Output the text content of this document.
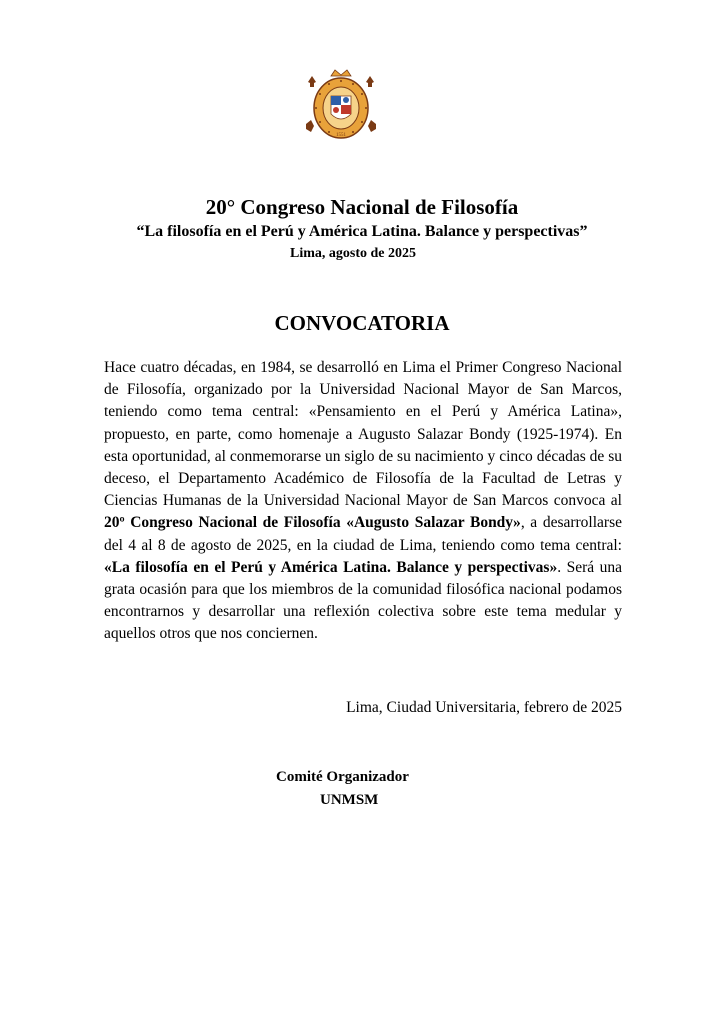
1551
20° Congreso Nacional de Filosofía
“La filosofía en el Perú y América Latina. Balance y perspectivas”
Lima, agosto de 2025
CONVOCATORIA
Hace cuatro décadas, en 1984, se desarrolló en Lima el Primer Congreso Nacional de Filosofía, organizado por la Universidad Nacional Mayor de San Marcos, teniendo como tema central: «Pensamiento en el Perú y América Latina», propuesto, en parte, como homenaje a Augusto Salazar Bondy (1925-1974). En esta oportunidad, al conmemorarse un siglo de su nacimiento y cinco décadas de su deceso, el Departamento Académico de Filosofía de la Facultad de Letras y Ciencias Humanas de la Universidad Nacional Mayor de San Marcos convoca al 20º Congreso Nacional de Filosofía «Augusto Salazar Bondy», a desarrollarse del 4 al 8 de agosto de 2025, en la ciudad de Lima, teniendo como tema central: «La filosofía en el Perú y América Latina. Balance y perspectivas». Será una grata ocasión para que los miembros de la comunidad filosófica nacional podamos encontrarnos y desarrollar una reflexión colectiva sobre este tema medular y aquellos otros que nos conciernen.
Lima, Ciudad Universitaria, febrero de 2025
Comité Organizador
UNMSM
